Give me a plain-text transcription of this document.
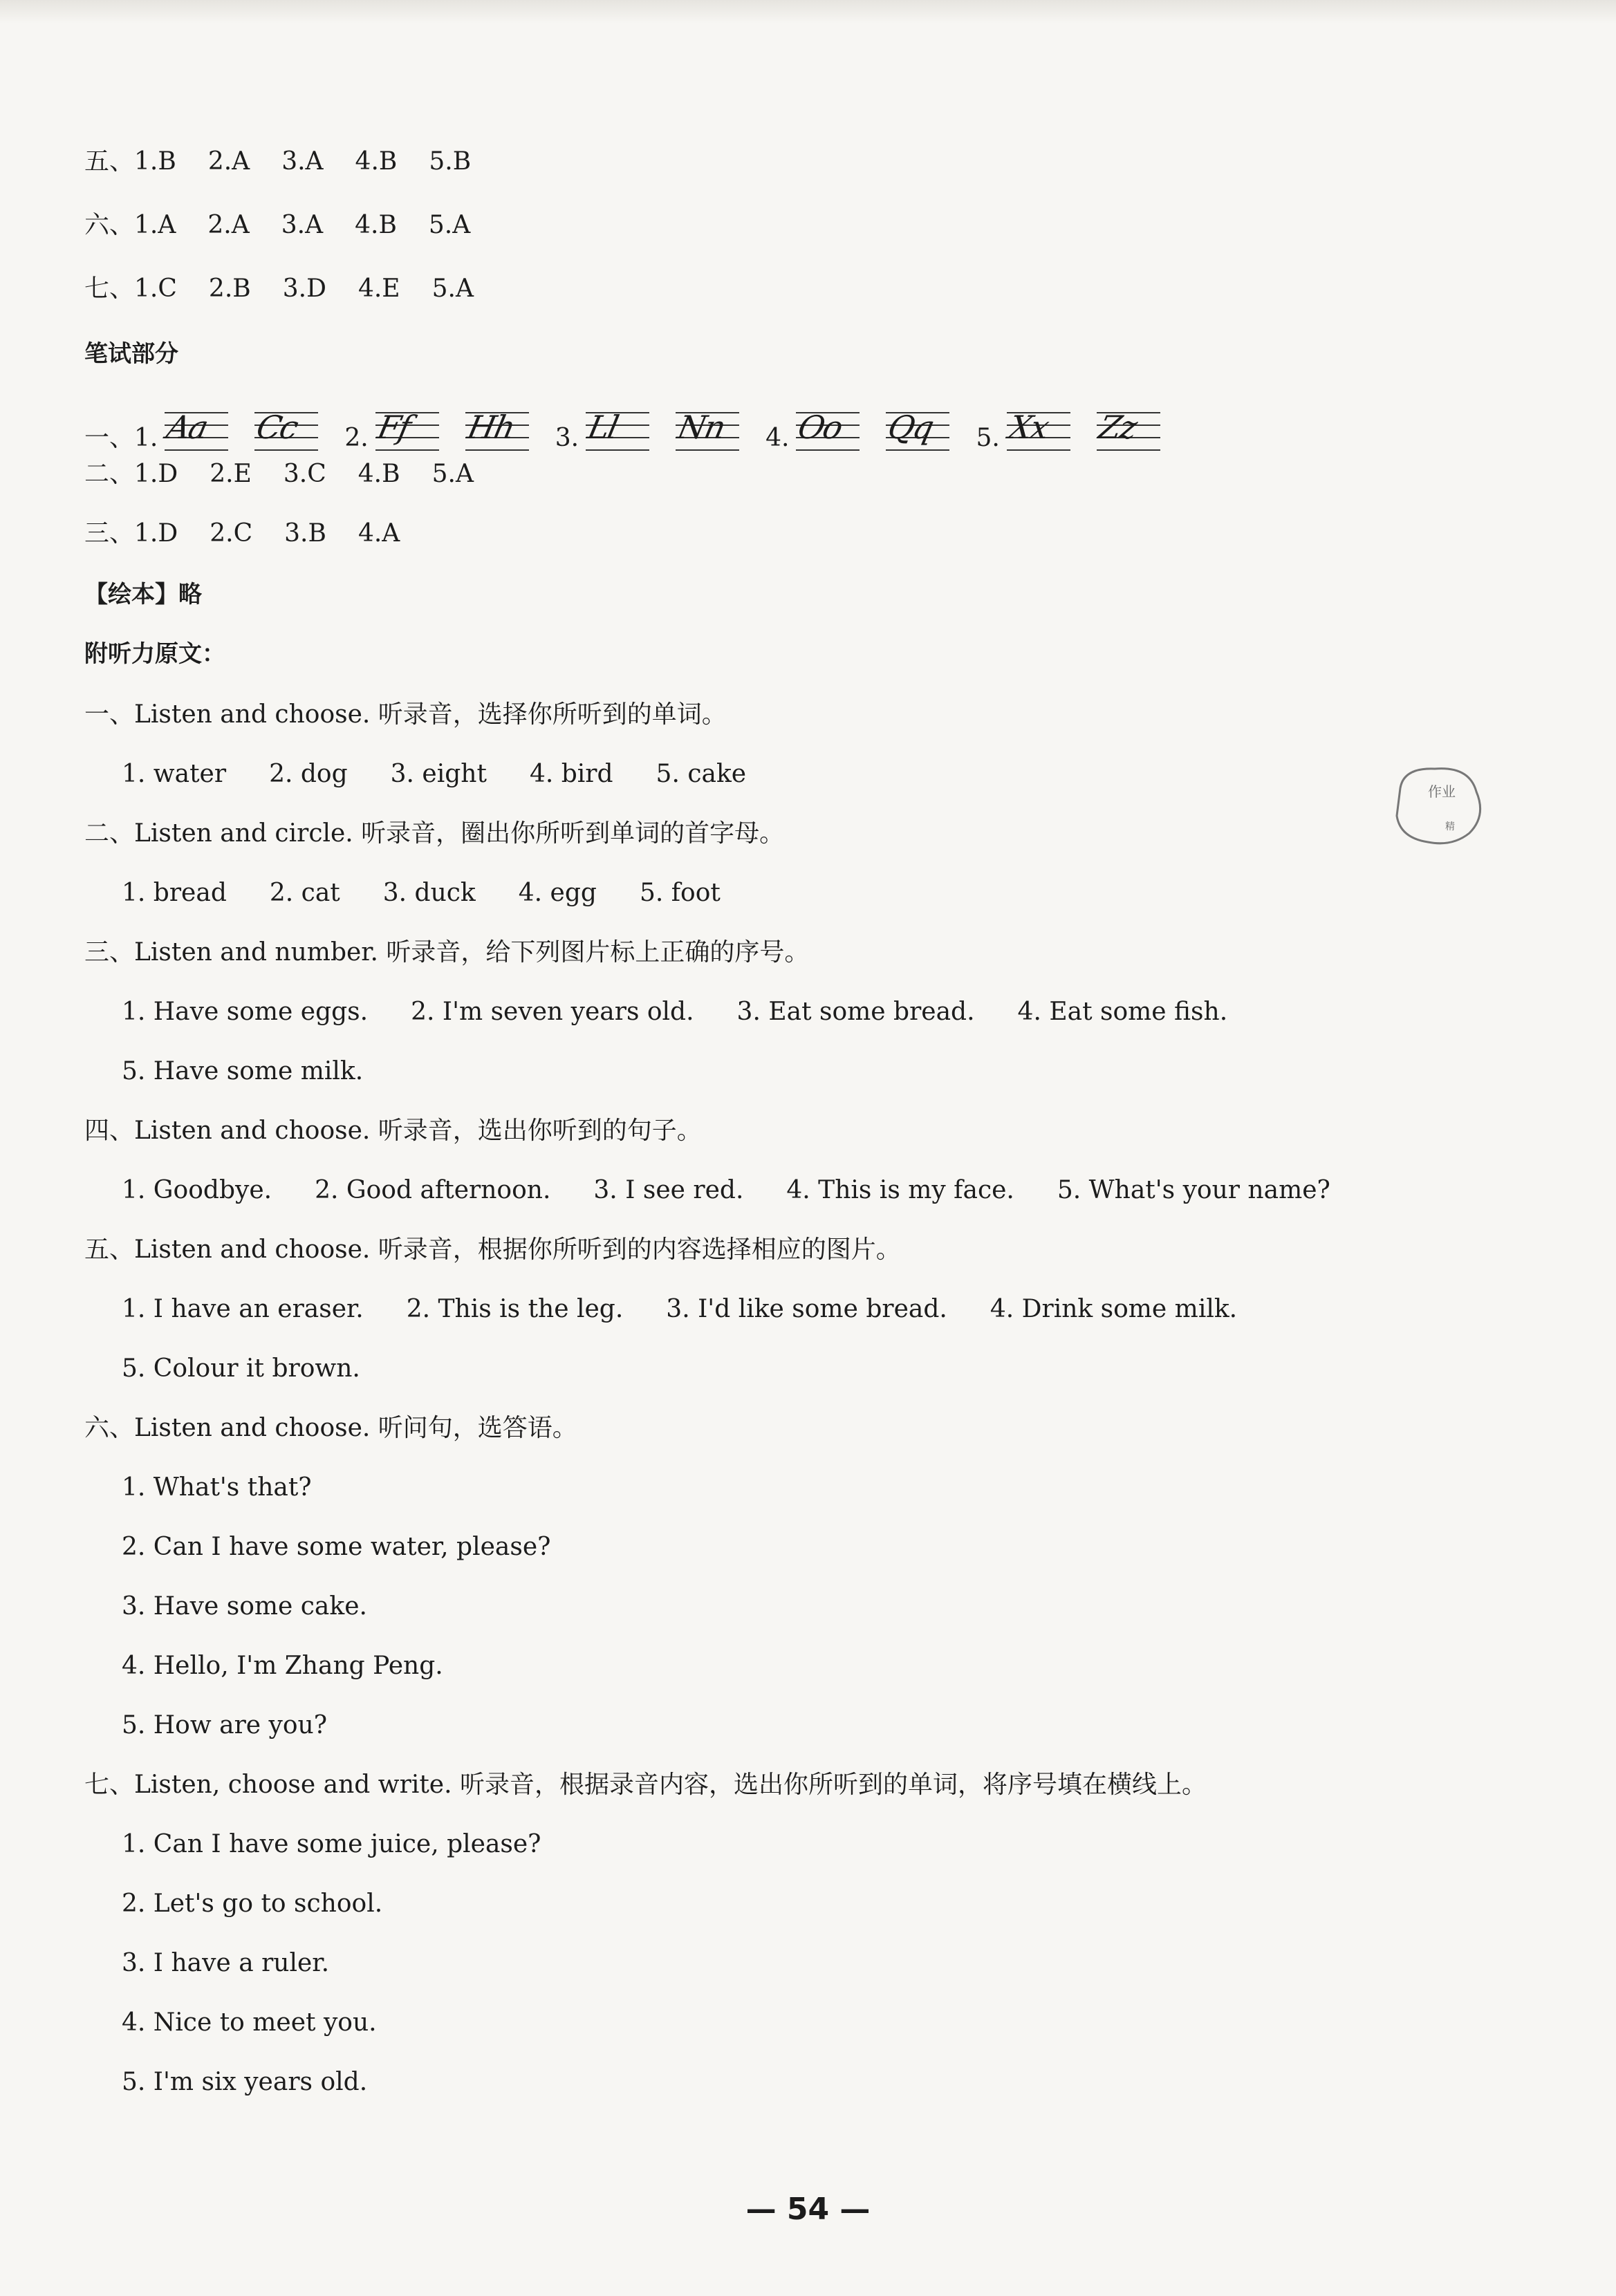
五、1.B 2.A 3.A 4.B 5.B
六、1.A 2.A 3.A 4.B 5.A
七、1.C 2.B 3.D 4.E 5.A
笔试部分
一、 1. Aa Cc 2. Ff Hh 3. Ll Nn 4. Oo Qq 5. Xx Zz
二、1.D 2.E 3.C 4.B 5.A
三、1.D 2.C 3.B 4.A
【绘本】略
附听力原文：
一、Listen and choose. 听录音，选择你所听到的单词。
1. water 2. dog 3. eight 4. bird 5. cake
二、Listen and circle. 听录音，圈出你所听到单词的首字母。
1. bread 2. cat 3. duck 4. egg 5. foot
三、Listen and number. 听录音，给下列图片标上正确的序号。
1. Have some eggs. 2. I'm seven years old. 3. Eat some bread. 4. Eat some fish.
5. Have some milk.
四、Listen and choose. 听录音，选出你听到的句子。
1. Goodbye. 2. Good afternoon. 3. I see red. 4. This is my face. 5. What's your name?
五、Listen and choose. 听录音，根据你所听到的内容选择相应的图片。
1. I have an eraser. 2. This is the leg. 3. I'd like some bread. 4. Drink some milk.
5. Colour it brown.
六、Listen and choose. 听问句，选答语。
1. What's that?
2. Can I have some water, please?
3. Have some cake.
4. Hello, I'm Zhang Peng.
5. How are you?
七、Listen, choose and write. 听录音，根据录音内容，选出你所听到的单词，将序号填在横线上。
1. Can I have some juice, please?
2. Let's go to school.
3. I have a ruler.
4. Nice to meet you.
5. I'm six years old.
— 54 —
作业
精
